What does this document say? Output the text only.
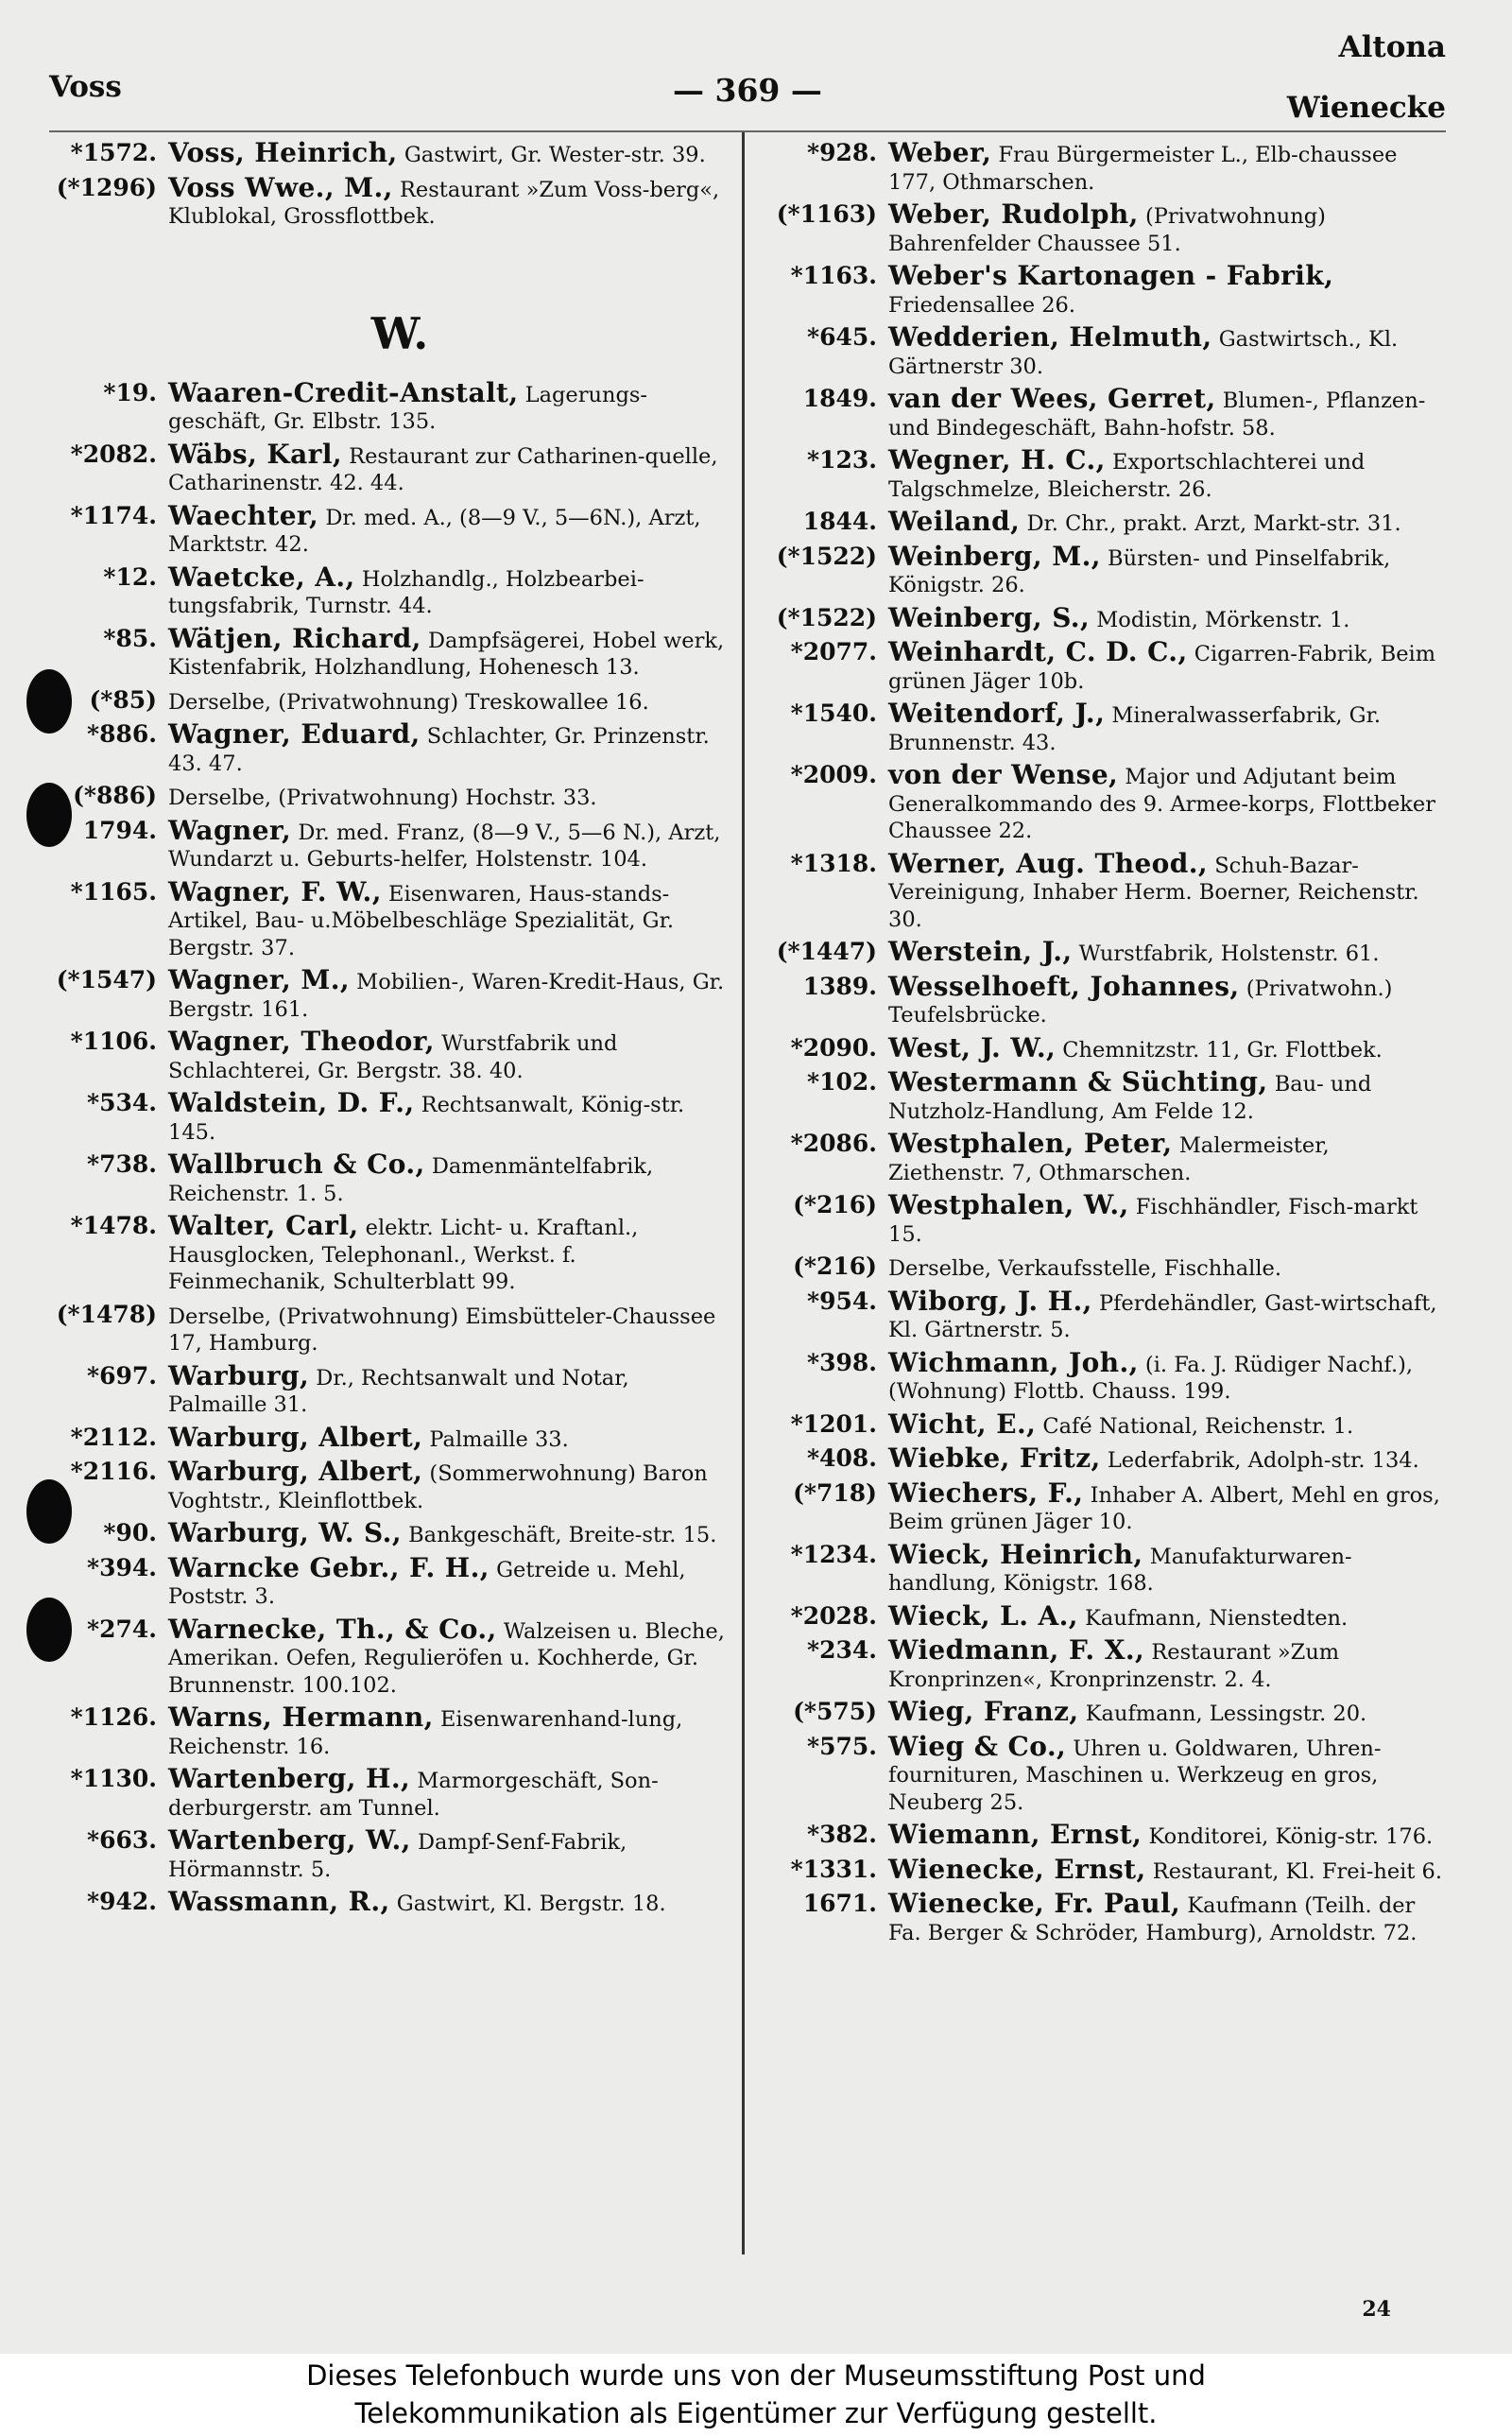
Voss	— 369 —
Altona
Wienecke
*1572. Voss, Heinrich, Gastwirt, Gr. Wester-str. 39.
(*1296) Voss Wwe., M., Restaurant »Zum Voss-berg«, Klublokal, Grossflottbek.
W.
*19. Waaren-Credit-Anstalt, Lagerungs-geschäft, Gr. Elbstr. 135.
*2082. Wäbs, Karl, Restaurant zur Catharinen-quelle, Catharinenstr. 42. 44.
*1174. Waechter, Dr. med. A., (8—9 V., 5—6N.), Arzt, Marktstr. 42.
*12. Waetcke, A., Holzhandlg., Holzbearbei-tungsfabrik, Turnstr. 44.
*85. Wätjen, Richard, Dampfsägerei, Hobel werk, Kistenfabrik, Holzhandlung, Hohenesch 13.
(*85) Derselbe, (Privatwohnung) Treskowallee 16.
*886. Wagner, Eduard, Schlachter, Gr. Prinzenstr. 43. 47.
(*886) Derselbe, (Privatwohnung) Hochstr. 33.
1794. Wagner, Dr. med. Franz, (8—9 V., 5—6 N.), Arzt, Wundarzt u. Geburts-helfer, Holstenstr. 104.
*1165. Wagner, F. W., Eisenwaren, Haus-stands-Artikel, Bau- u.Möbelbeschläge Spezialität, Gr. Bergstr. 37.
(*1547) Wagner, M., Mobilien-, Waren-Kredit-Haus, Gr. Bergstr. 161.
*1106. Wagner, Theodor, Wurstfabrik und Schlachterei, Gr. Bergstr. 38. 40.
*534. Waldstein, D. F., Rechtsanwalt, König-str. 145.
*738. Wallbruch & Co., Damenmäntelfabrik, Reichenstr. 1. 5.
*1478. Walter, Carl, elektr. Licht- u. Kraftanl., Hausglocken, Telephonanl., Werkst. f. Feinmechanik, Schulterblatt 99.
(*1478) Derselbe, (Privatwohnung) Eimsbütteler-Chaussee 17, Hamburg.
*697. Warburg, Dr., Rechtsanwalt und Notar, Palmaille 31.
*2112. Warburg, Albert, Palmaille 33.
*2116. Warburg, Albert, (Sommerwohnung) Baron Voghtstr., Kleinflottbek.
*90. Warburg, W. S., Bankgeschäft, Breite-str. 15.
*394. Warncke Gebr., F. H., Getreide u. Mehl, Poststr. 3.
*274. Warnecke, Th., & Co., Walzeisen u. Bleche, Amerikan. Oefen, Regulieröfen u. Kochherde, Gr. Brunnenstr. 100.102.
*1126. Warns, Hermann, Eisenwarenhand-lung, Reichenstr. 16.
*1130. Wartenberg, H., Marmorgeschäft, Son-derburgerstr. am Tunnel.
*663. Wartenberg, W., Dampf-Senf-Fabrik, Hörmannstr. 5.
*942. Wassmann, R., Gastwirt, Kl. Bergstr. 18.
*928. Weber, Frau Bürgermeister L., Elb-chaussee 177, Othmarschen.
(*1163) Weber, Rudolph, (Privatwohnung) Bahrenfelder Chaussee 51.
*1163. Weber's Kartonagen - Fabrik, Friedensallee 26.
*645. Wedderien, Helmuth, Gastwirtsch., Kl. Gärtnerstr 30.
1849. van der Wees, Gerret, Blumen-, Pflanzen- und Bindegeschäft, Bahn-hofstr. 58.
*123. Wegner, H. C., Exportschlachterei und Talgschmelze, Bleicherstr. 26.
1844. Weiland, Dr. Chr., prakt. Arzt, Markt-str. 31.
(*1522) Weinberg, M., Bürsten- und Pinselfabrik, Königstr. 26.
(*1522) Weinberg, S., Modistin, Mörkenstr. 1.
*2077. Weinhardt, C. D. C., Cigarren-Fabrik, Beim grünen Jäger 10b.
*1540. Weitendorf, J., Mineralwasserfabrik, Gr. Brunnenstr. 43.
*2009. von der Wense, Major und Adjutant beim Generalkommando des 9. Armee-korps, Flottbeker Chaussee 22.
*1318. Werner, Aug. Theod., Schuh-Bazar-Vereinigung, Inhaber Herm. Boerner, Reichenstr. 30.
(*1447) Werstein, J., Wurstfabrik, Holstenstr. 61.
1389. Wesselhoeft, Johannes, (Privatwohn.) Teufelsbrücke.
*2090. West, J. W., Chemnitzstr. 11, Gr. Flottbek.
*102. Westermann & Süchting, Bau- und Nutzholz-Handlung, Am Felde 12.
*2086. Westphalen, Peter, Malermeister, Ziethenstr. 7, Othmarschen.
(*216) Westphalen, W., Fischhändler, Fisch-markt 15.
(*216) Derselbe, Verkaufsstelle, Fischhalle.
*954. Wiborg, J. H., Pferdehändler, Gast-wirtschaft, Kl. Gärtnerstr. 5.
*398. Wichmann, Joh., (i. Fa. J. Rüdiger Nachf.), (Wohnung) Flottb. Chauss. 199.
*1201. Wicht, E., Café National, Reichenstr. 1.
*408. Wiebke, Fritz, Lederfabrik, Adolph-str. 134.
(*718) Wiechers, F., Inhaber A. Albert, Mehl en gros, Beim grünen Jäger 10.
*1234. Wieck, Heinrich, Manufakturwaren-handlung, Königstr. 168.
*2028. Wieck, L. A., Kaufmann, Nienstedten.
*234. Wiedmann, F. X., Restaurant »Zum Kronprinzen«, Kronprinzenstr. 2. 4.
(*575) Wieg, Franz, Kaufmann, Lessingstr. 20.
*575. Wieg & Co., Uhren u. Goldwaren, Uhren-fournituren, Maschinen u. Werkzeug en gros, Neuberg 25.
*382. Wiemann, Ernst, Konditorei, König-str. 176.
*1331. Wienecke, Ernst, Restaurant, Kl. Frei-heit 6.
1671. Wienecke, Fr. Paul, Kaufmann (Teilh. der Fa. Berger & Schröder, Hamburg), Arnoldstr. 72.
24
Dieses Telefonbuch wurde uns von der Museumsstiftung Post und
Telekommunikation als Eigentümer zur Verfügung gestellt.
